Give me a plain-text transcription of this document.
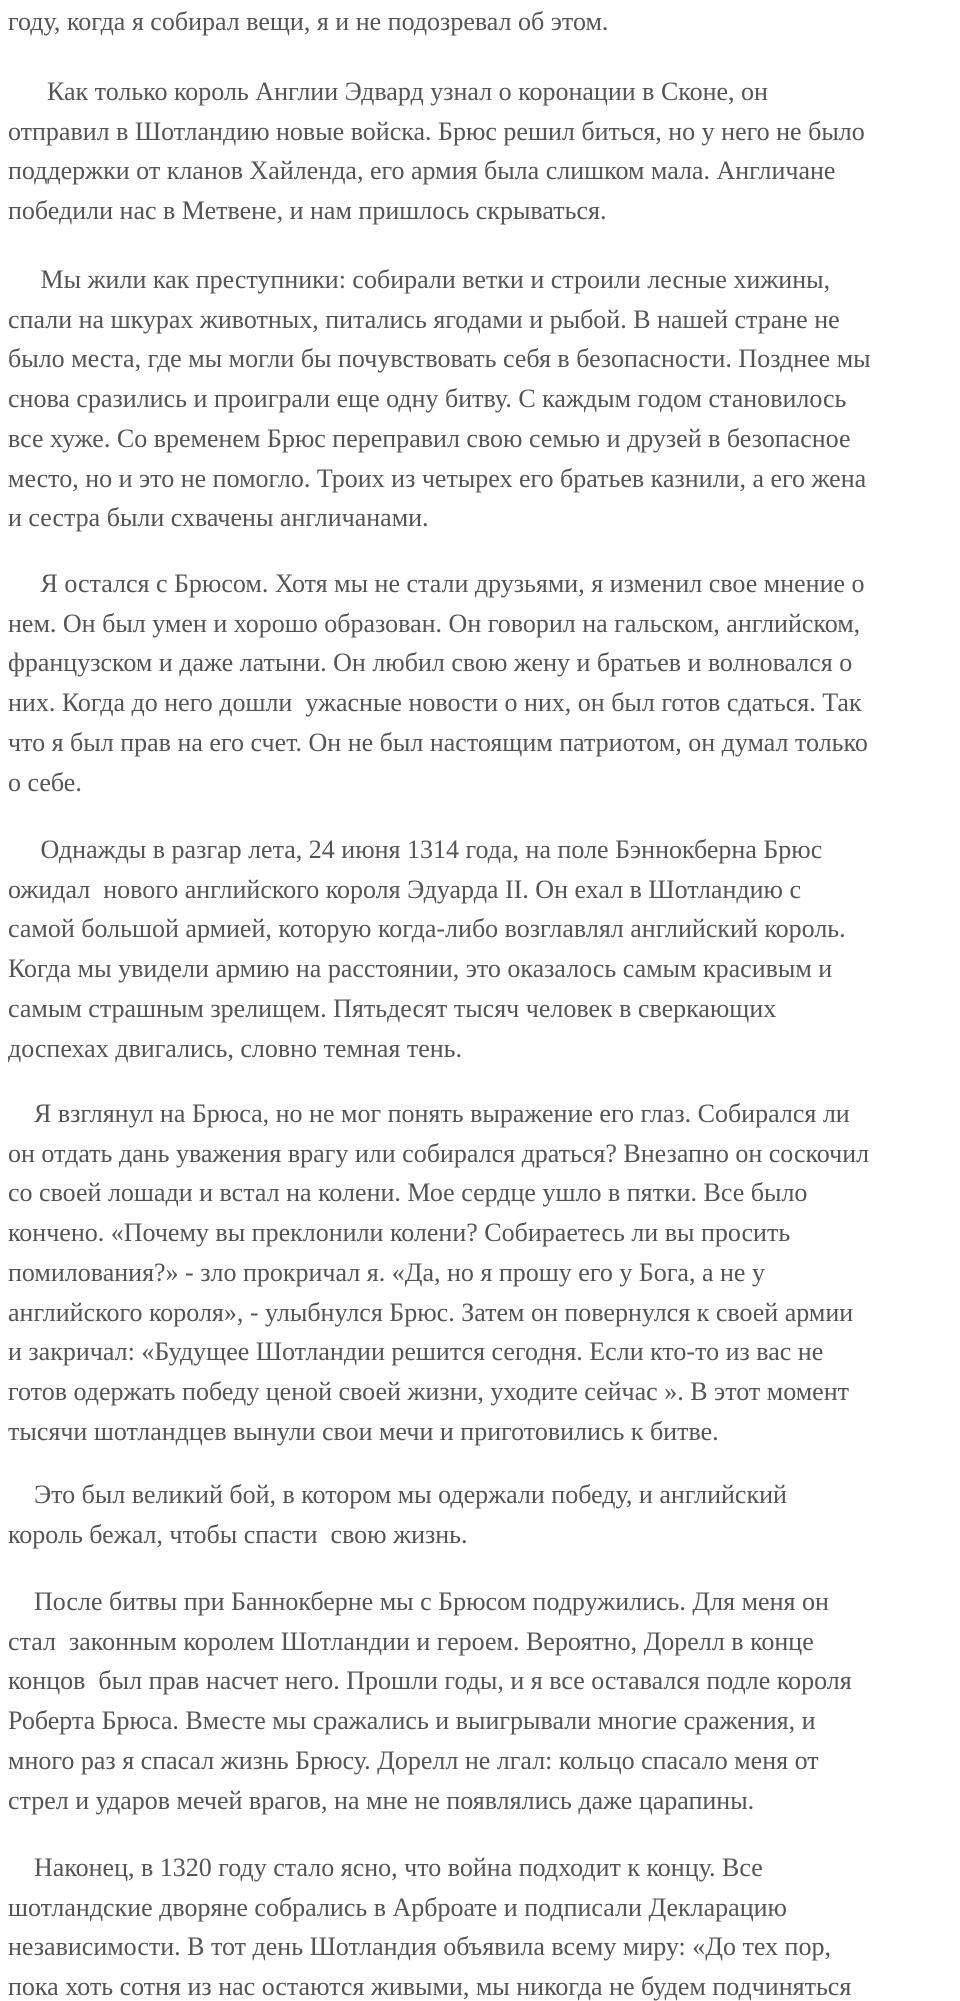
году, когда я собирал вещи, я и не подозревал об этом.
Как только король Англии Эдвард узнал о коронации в Сконе, он
отправил в Шотландию новые войска. Брюс решил биться, но у него не было
поддержки от кланов Хайленда, его армия была слишком мала. Англичане
победили нас в Метвене, и нам пришлось скрываться.
Мы жили как преступники: собирали ветки и строили лесные хижины,
спали на шкурах животных, питались ягодами и рыбой. В нашей стране не
было места, где мы могли бы почувствовать себя в безопасности. Позднее мы
снова сразились и проиграли еще одну битву. С каждым годом становилось
все хуже. Со временем Брюс переправил свою семью и друзей в безопасное
место, но и это не помогло. Троих из четырех его братьев казнили, а его жена
и сестра были схвачены англичанами.
Я остался с Брюсом. Хотя мы не стали друзьями, я изменил свое мнение о
нем. Он был умен и хорошо образован. Он говорил на гальском, английском,
французском и даже латыни. Он любил свою жену и братьев и волновался о
них. Когда до него дошли  ужасные новости о них, он был готов сдаться. Так
что я был прав на его счет. Он не был настоящим патриотом, он думал только
о себе.
Однажды в разгар лета, 24 июня 1314 года, на поле Бэннокберна Брюс
ожидал  нового английского короля Эдуарда II. Он ехал в Шотландию с
самой большой армией, которую когда-либо возглавлял английский король.
Когда мы увидели армию на расстоянии, это оказалось самым красивым и
самым страшным зрелищем. Пятьдесят тысяч человек в сверкающих
доспехах двигались, словно темная тень.
Я взглянул на Брюса, но не мог понять выражение его глаз. Собирался ли
он отдать дань уважения врагу или собирался драться? Внезапно он соскочил
со своей лошади и встал на колени. Мое сердце ушло в пятки. Все было
кончено. «Почему вы преклонили колени? Собираетесь ли вы просить
помилования?» - зло прокричал я. «Да, но я прошу его у Бога, а не у
английского короля», - улыбнулся Брюс. Затем он повернулся к своей армии
и закричал: «Будущее Шотландии решится сегодня. Если кто-то из вас не
готов одержать победу ценой своей жизни, уходите сейчас ». В этот момент
тысячи шотландцев вынули свои мечи и приготовились к битве.
Это был великий бой, в котором мы одержали победу, и английский
король бежал, чтобы спасти  свою жизнь.
После битвы при Баннокберне мы с Брюсом подружились. Для меня он
стал  законным королем Шотландии и героем. Вероятно, Дорелл в конце
концов  был прав насчет него. Прошли годы, и я все оставался подле короля
Роберта Брюса. Вместе мы сражались и выигрывали многие сражения, и
много раз я спасал жизнь Брюсу. Дорелл не лгал: кольцо спасало меня от
стрел и ударов мечей врагов, на мне не появлялись даже царапины.
Наконец, в 1320 году стало ясно, что война подходит к концу. Все
шотландские дворяне собрались в Арброате и подписали Декларацию
независимости. В тот день Шотландия объявила всему миру: «До тех пор,
пока хоть сотня из нас остаются живыми, мы никогда не будем подчиняться
